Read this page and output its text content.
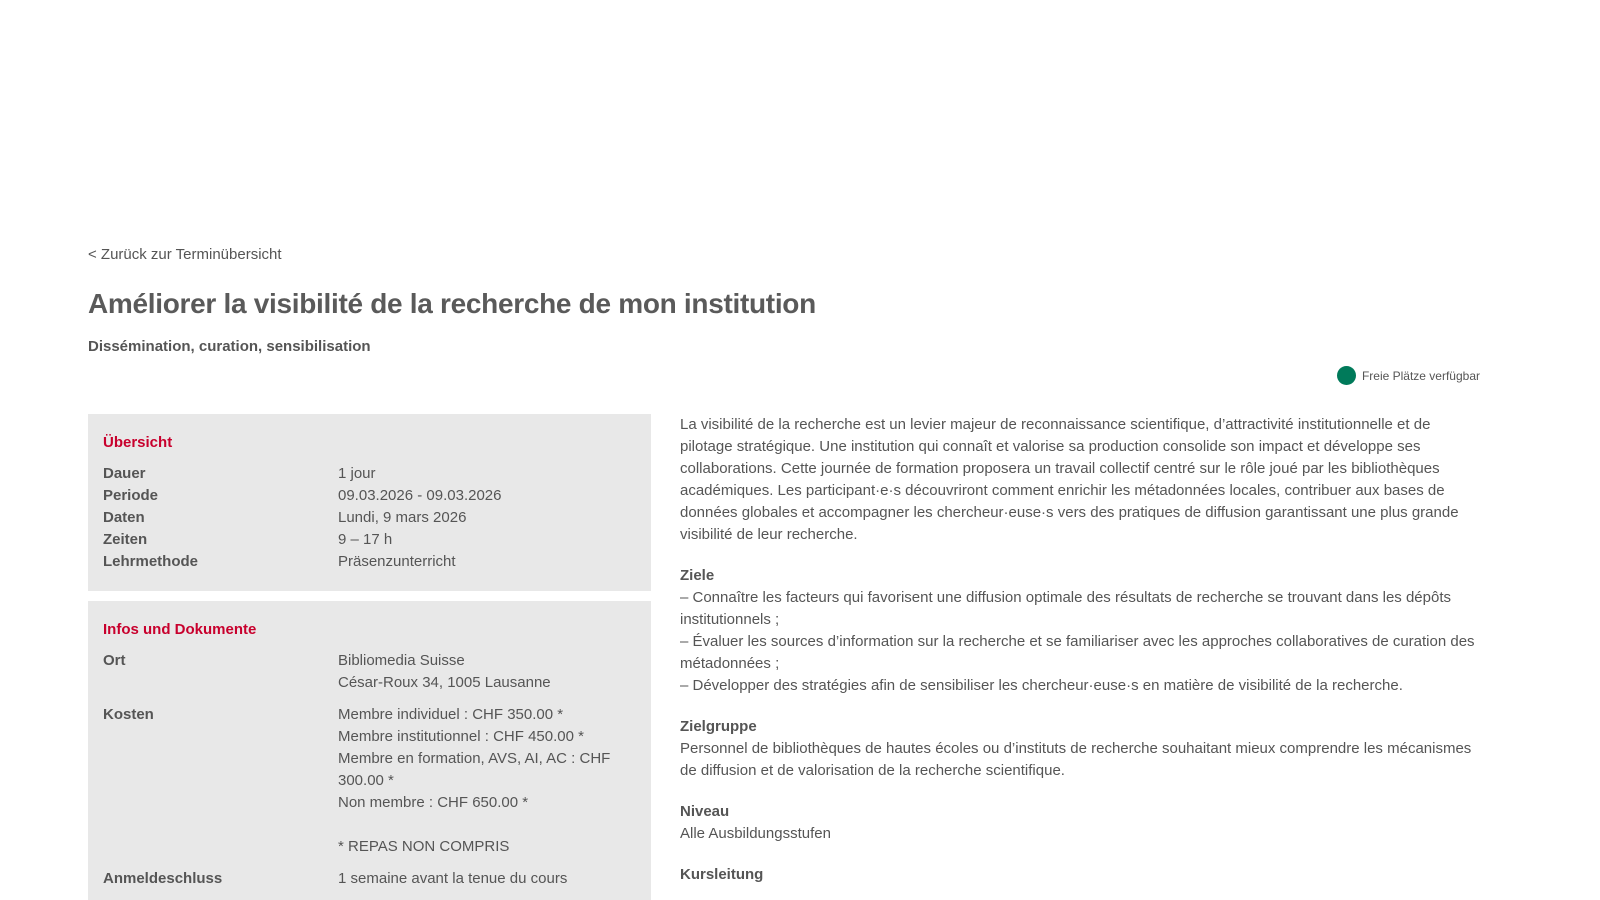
< Zurück zur Terminübersicht
Améliorer la visibilité de la recherche de mon institution
Dissémination, curation, sensibilisation
Freie Plätze verfügbar
Übersicht
Dauer	1 jour
Periode	09.03.2026 - 09.03.2026
Daten	Lundi, 9 mars 2026
Zeiten	9 – 17 h
Lehrmethode	Präsenzunterricht
Infos und Dokumente
Ort	Bibliomedia Suisse
César-Roux 34, 1005 Lausanne
Kosten	Membre individuel : CHF 350.00 *
Membre institutionnel : CHF 450.00 *
Membre en formation, AVS, AI, AC : CHF 300.00 *
Non membre : CHF 650.00 *
* REPAS NON COMPRIS
Anmeldeschluss	1 semaine avant la tenue du cours

La visibilité de la recherche est un levier majeur de reconnaissance scientifique, d’attractivité institutionnelle et de pilotage stratégique. Une institution qui connaît et valorise sa production consolide son impact et développe ses collaborations. Cette journée de formation proposera un travail collectif centré sur le rôle joué par les bibliothèques académiques. Les participant·e·s découvriront comment enrichir les métadonnées locales, contribuer aux bases de données globales et accompagner les chercheur·euse·s vers des pratiques de diffusion garantissant une plus grande visibilité de leur recherche.

Ziele
– Connaître les facteurs qui favorisent une diffusion optimale des résultats de recherche se trouvant dans les dépôts institutionnels ;
– Évaluer les sources d’information sur la recherche et se familiariser avec les approches collaboratives de curation des métadonnées ;
– Développer des stratégies afin de sensibiliser les chercheur·euse·s en matière de visibilité de la recherche.
Zielgruppe
Personnel de bibliothèques de hautes écoles ou d’instituts de recherche souhaitant mieux comprendre les mécanismes de diffusion et de valorisation de la recherche scientifique.
Niveau
Alle Ausbildungsstufen
Kursleitung
